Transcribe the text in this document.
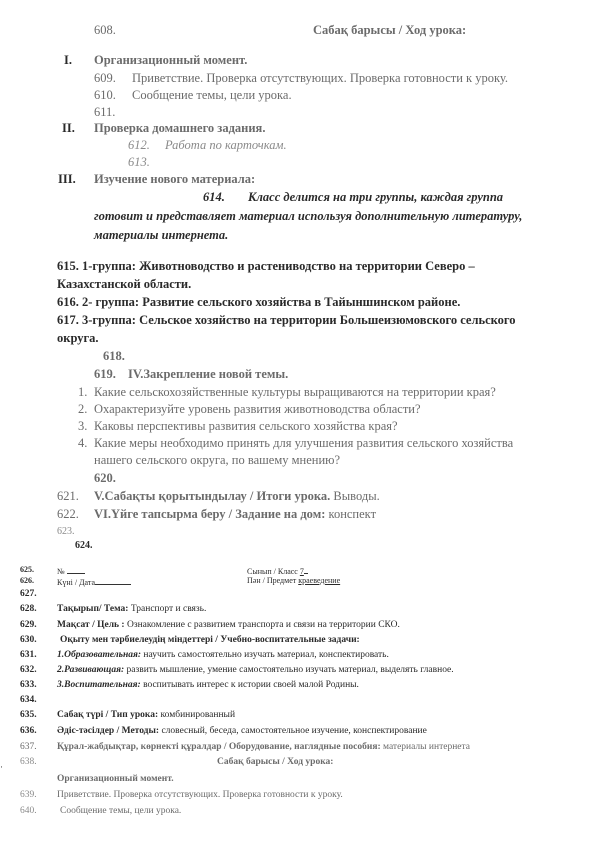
608.	Сабақ барысы / Ход урока:
I. Организационный момент.
609. Приветствие. Проверка отсутствующих. Проверка готовности к уроку.
610. Сообщение темы, цели урока.
611.
II. Проверка домашнего задания.
612. Работа по карточкам.
613.
III. Изучение нового материала:
614. Класс делится на три группы, каждая группа
готовит и представляет материал используя дополнительную литературу,
материалы интернета.
615. 1-группа: Животноводство и растениводство на территории Северо –
Казахстанской области.
616. 2- группа: Развитие сельского хозяйства в Тайыншинском районе.
617. 3-группа: Сельское хозяйство на территории Большеизюмовского сельского
округа.
618.
619. IV.Закрепление новой темы.
1. Какие сельскохозяйственные культуры выращиваются на территории края?
2. Охарактеризуйте уровень развития животноводства области?
3. Каковы перспективы развития сельского хозяйства края?
4. Какие меры необходимо принять для улучшения развития сельского хозяйства
нашего сельского округа, по вашему мнению?
620.
621. V.Сабақты қорытындылау / Итоги урока. Выводы.
622. VI.Үйге тапсырма беру / Задание на дом: конспект
623.
624.
625.	№	Сынып / Класс 7
626.	Күні / Дата	Пән / Предмет краеведение
627.
628. Тақырып/ Тема: Транспорт и связь.
629. Мақсат / Цель : Ознакомление с развитием транспорта и связи на территории СКО.
630. Оқыту мен тәрбиелеудің міндеттері / Учебно-воспитательные задачи:
631. 1.Образовательная: научить самостоятельно изучать материал, конспектировать.
632. 2.Развивающая: развить мышление, умение самостоятельно изучать материал, выделять главное.
633. 3.Воспитательная: воспитывать интерес к истории своей малой Родины.
634.
635. Сабақ түрі / Тип урока: комбинированный
636. Әдіс-тәсілдер / Методы: словесный, беседа, самостоятельное изучение, конспектирование
637. Құрал-жабдықтар, көрнекті құралдар / Оборудование, наглядные пособия: материалы интернета
638.	Сабақ барысы / Ход урока:
·
Организационный момент.
639. Приветствие. Проверка отсутствующих. Проверка готовности к уроку.
640. Сообщение темы, цели урока.
